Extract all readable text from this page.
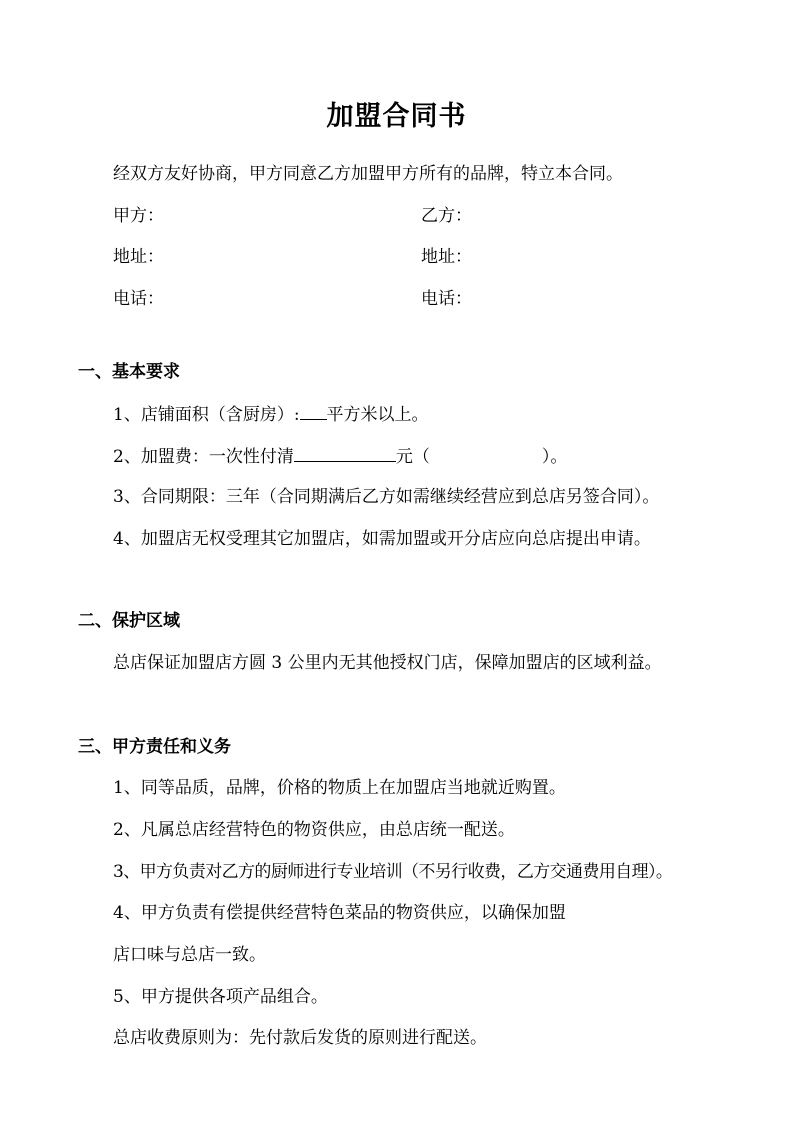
加盟合同书
经双方友好协商，甲方同意乙方加盟甲方所有的品牌，特立本合同。
甲方：	乙方：
地址：	地址：
电话：	电话：
一、基本要求
1、店铺面积（含厨房）: 平方米以上。
2、加盟费：一次性付清	元（	）。
3、合同期限：三年（合同期满后乙方如需继续经营应到总店另签合同）。
4、加盟店无权受理其它加盟店，如需加盟或开分店应向总店提出申请。
二、保护区域
总店保证加盟店方圆 3 公里内无其他授权门店，保障加盟店的区域利益。
三、甲方责任和义务
1、同等品质，品牌，价格的物质上在加盟店当地就近购置。
2、凡属总店经营特色的物资供应，由总店统一配送。
3、甲方负责对乙方的厨师进行专业培训（不另行收费，乙方交通费用自理）。
4、甲方负责有偿提供经营特色菜品的物资供应，以确保加盟
店口味与总店一致。
5、甲方提供各项产品组合。
总店收费原则为：先付款后发货的原则进行配送。
